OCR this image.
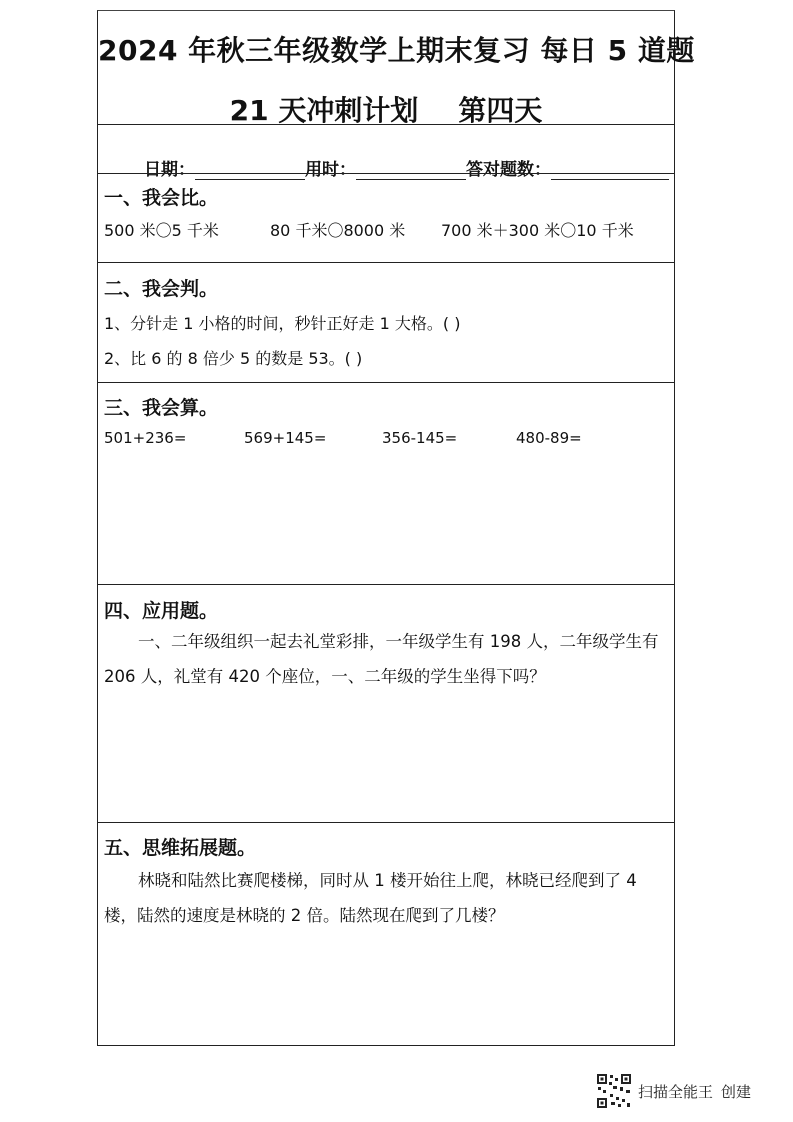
2024 年秋三年级数学上期末复习 每日 5 道题
21 天冲刺计划 第四天
日期：	用时：	答对题数：
一、我会比。
500 米〇5 千米	80 千米〇8000 米 700 米＋300 米〇10 千米
二、我会判。
1、分针走 1 小格的时间，秒针正好走 1 大格。( )
2、比 6 的 8 倍少 5 的数是 53。( )
三、我会算。
501+236=	569+145=	356-145=	480-89=
四、应用题。
一、二年级组织一起去礼堂彩排，一年级学生有 198 人，二年级学生有 206 人，礼堂有 420 个座位，一、二年级的学生坐得下吗？
五、思维拓展题。
林晓和陆然比赛爬楼梯，同时从 1 楼开始往上爬，林晓已经爬到了 4 楼，陆然的速度是林晓的 2 倍。陆然现在爬到了几楼？
扫描全能王 创建
